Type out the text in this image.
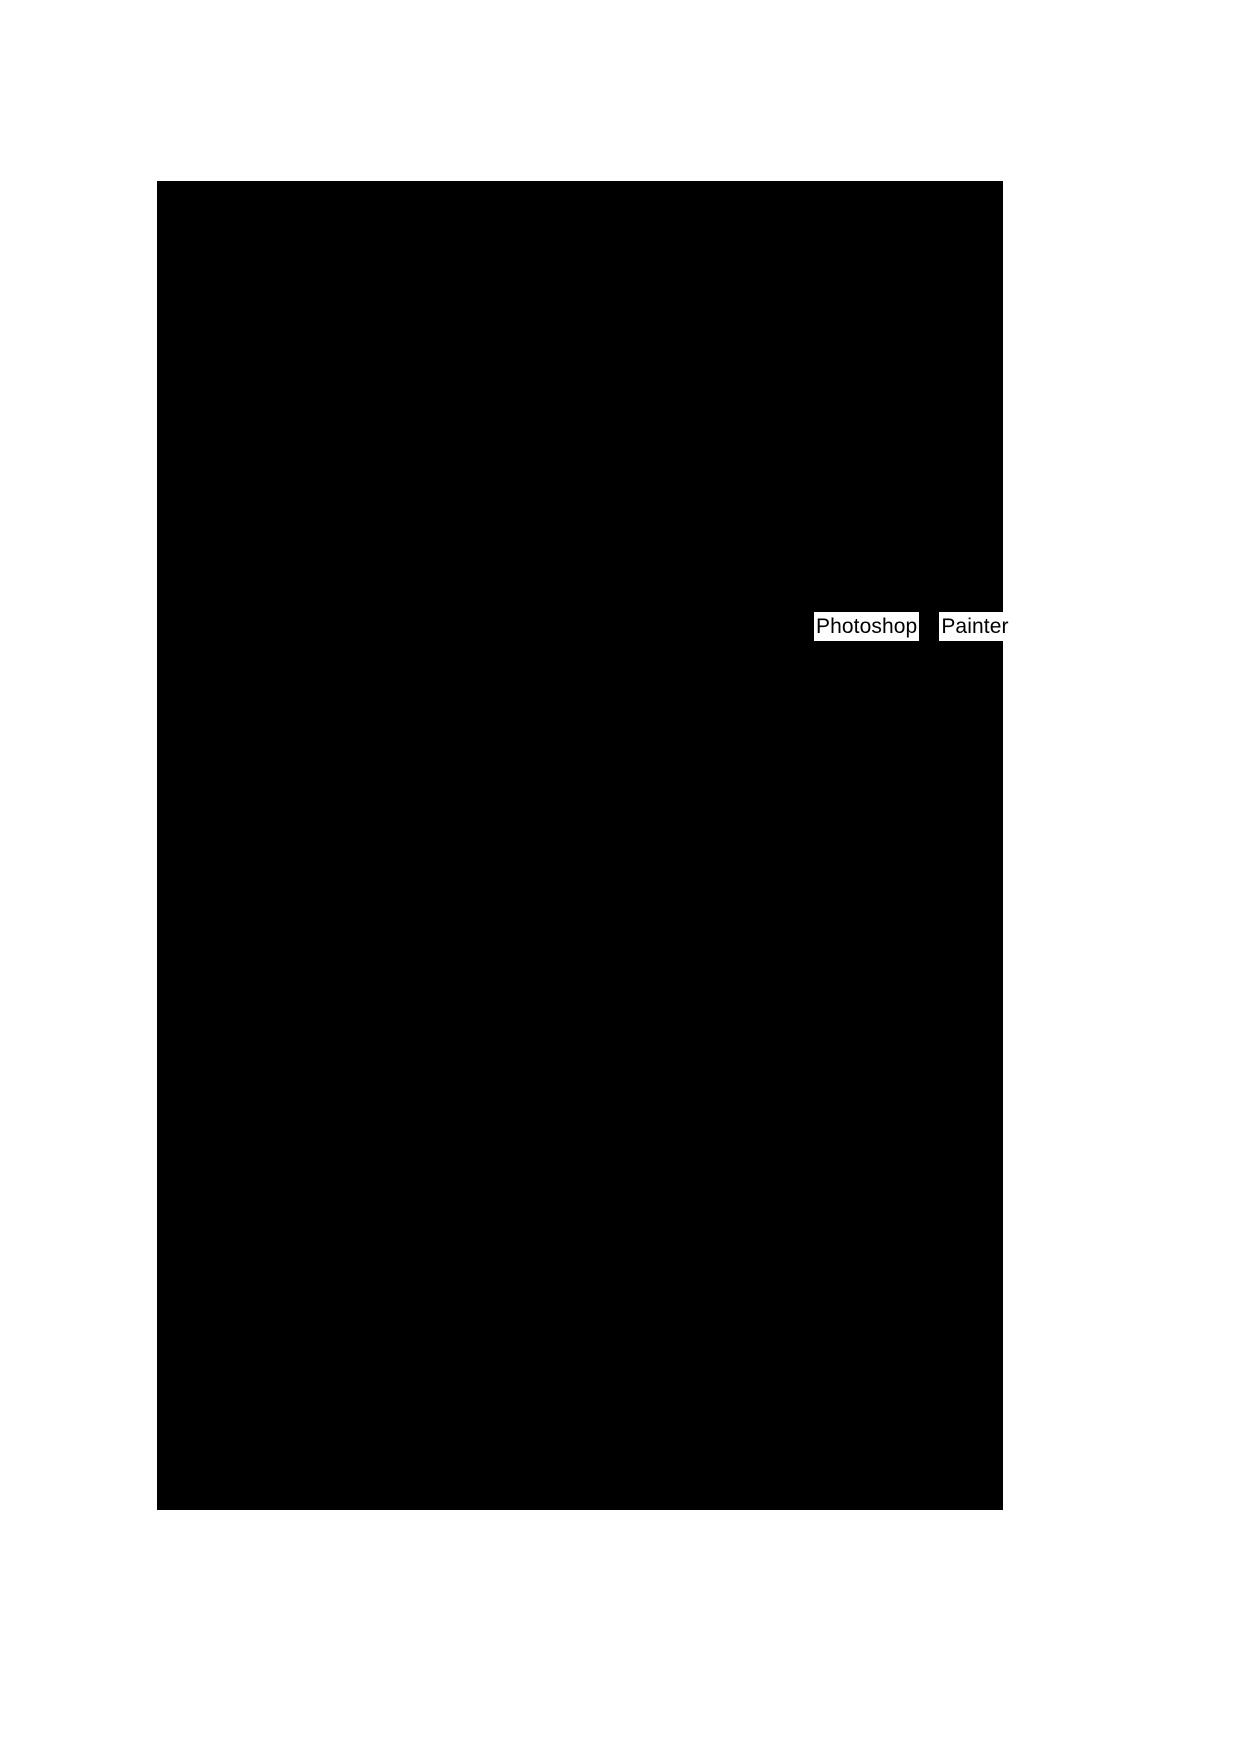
Photoshop Painter
